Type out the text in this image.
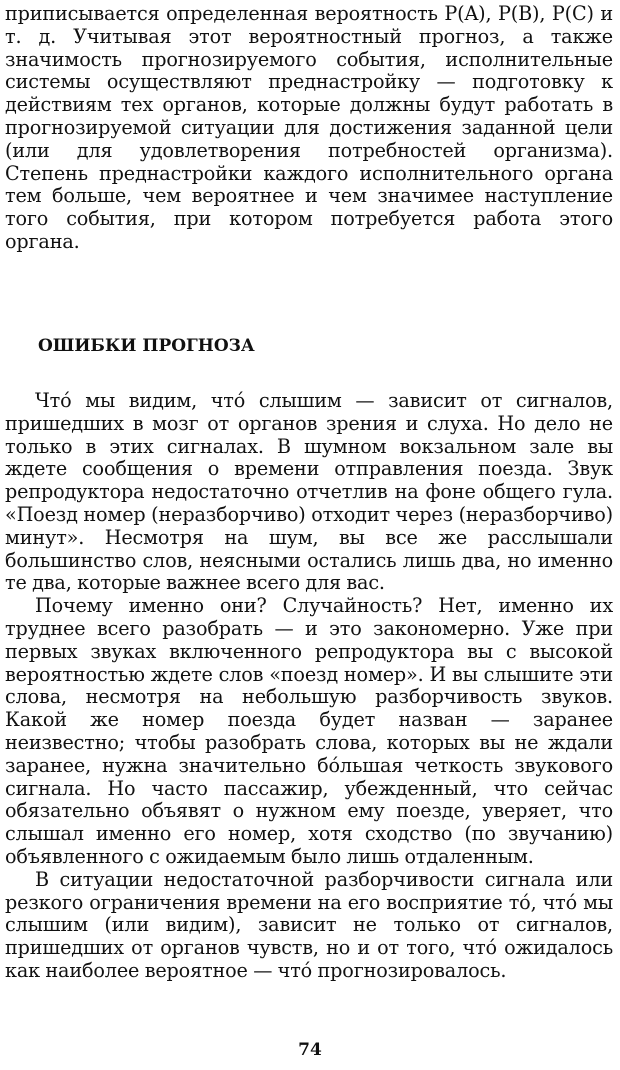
приписывается определенная вероятность P(A), P(B), P(C) и т. д. Учитывая этот вероятностный прогноз, а также значимость прогнозируемого события, исполнительные системы осуществляют преднастройку — подготовку к действиям тех органов, которые должны будут работать в прогнозируемой ситуации для достижения заданной цели (или для удовлетворения потребностей организма). Степень преднастройки каждого исполнительного органа тем больше, чем вероятнее и чем значимее наступление того события, при котором потребуется работа этого органа.
ОШИБКИ ПРОГНОЗА

Что́ мы видим, что́ слышим — зависит от сигналов, пришедших в мозг от органов зрения и слуха. Но дело не только в этих сигналах. В шумном вокзальном зале вы ждете сообщения о времени отправления поезда. Звук репродуктора недостаточно отчетлив на фоне общего гула. «Поезд номер (неразборчиво) отходит через (неразборчиво) минут». Несмотря на шум, вы все же расслышали большинство слов, неясными остались лишь два, но именно те два, которые важнее всего для вас.

Почему именно они? Случайность? Нет, именно их труднее всего разобрать — и это закономерно. Уже при первых звуках включенного репродуктора вы с высокой вероятностью ждете слов «поезд номер». И вы слышите эти слова, несмотря на небольшую разборчивость звуков. Какой же номер поезда будет назван — заранее неизвестно; чтобы разобрать слова, которых вы не ждали заранее, нужна значительно бо́льшая четкость звукового сигнала. Но часто пассажир, убежденный, что сейчас обязательно объявят о нужном ему поезде, уверяет, что слышал именно его номер, хотя сходство (по звучанию) объявленного с ожидаемым было лишь отдаленным.

В ситуации недостаточной разборчивости сигнала или резкого ограничения времени на его восприятие то́, что́ мы слышим (или видим), зависит не только от сигналов, пришедших от органов чувств, но и от того, что́ ожидалось как наиболее вероятное — что́ прогнозировалось.

74
